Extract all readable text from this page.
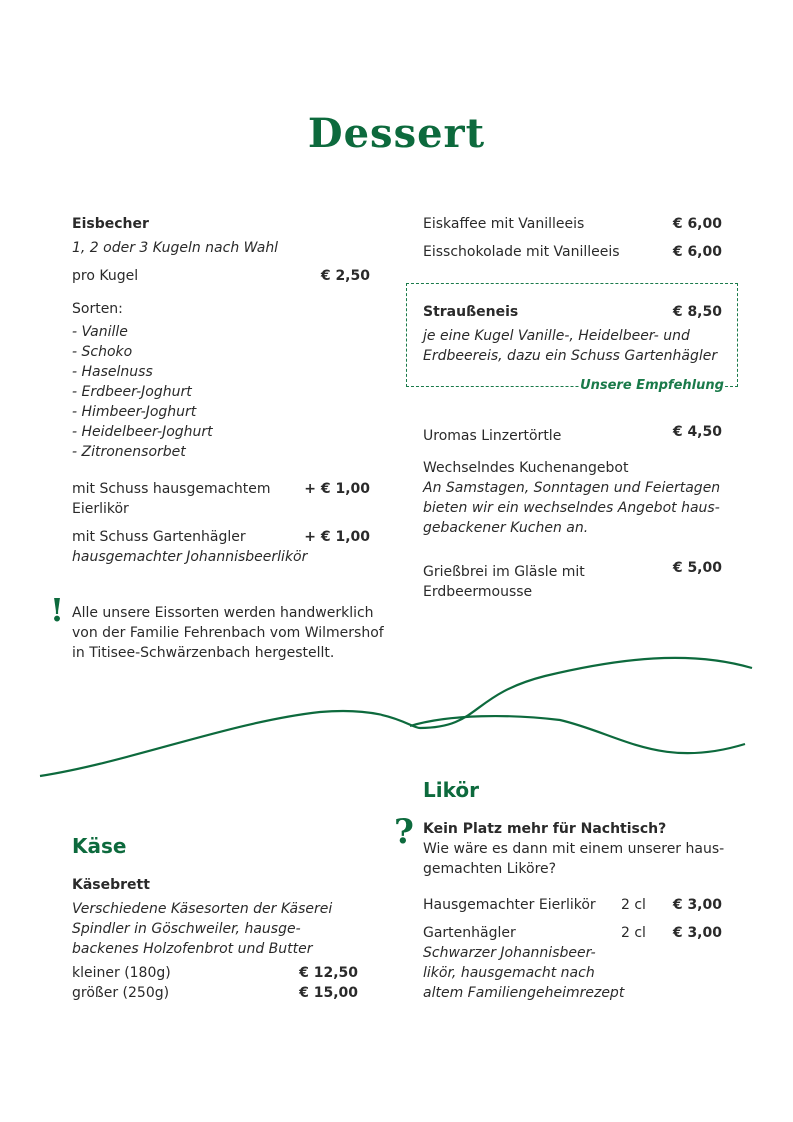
Dessert
Eisbecher
1, 2 oder 3 Kugeln nach Wahl
pro Kugel	€ 2,50
Sorten:
- Vanille
- Schoko
- Haselnuss
- Erdbeer-Joghurt
- Himbeer-Joghurt
- Heidelbeer-Joghurt
- Zitronensorbet
mit Schuss hausgemachtem
Eierlikör
+ € 1,00
mit Schuss Gartenhägler
hausgemachter Johannisbeerlikör
+ € 1,00
! Alle unsere Eissorten werden handwerklich
von der Familie Fehrenbach vom Wilmershof
in Titisee-Schwärzenbach hergestellt.
Eiskaffee mit Vanilleeis	€ 6,00
Eisschokolade mit Vanilleeis	€ 6,00
Straußeneis	€ 8,50
je eine Kugel Vanille-, Heidelbeer- und
Erdbeereis, dazu ein Schuss Gartenhägler
Unsere Empfehlung
Uromas Linzertörtle	€ 4,50
Wechselndes Kuchenangebot
An Samstagen, Sonntagen und Feiertagen
bieten wir ein wechselndes Angebot haus-
gebackener Kuchen an.
Grießbrei im Gläsle mit
Erdbeermousse
€ 5,00
Käse
Käsebrett
Verschiedene Käsesorten der Käserei
Spindler in Göschweiler, hausge-
backenes Holzofenbrot und Butter
kleiner (180g)	€ 12,50
größer (250g)	€ 15,00
Likör
? Kein Platz mehr für Nachtisch?
Wie wäre es dann mit einem unserer haus-
gemachten Liköre?
Hausgemachter Eierlikör 2 cl	€ 3,00
Gartenhägler	2 cl	€ 3,00
Schwarzer Johannisbeer-
likör, hausgemacht nach
altem Familiengeheimrezept
